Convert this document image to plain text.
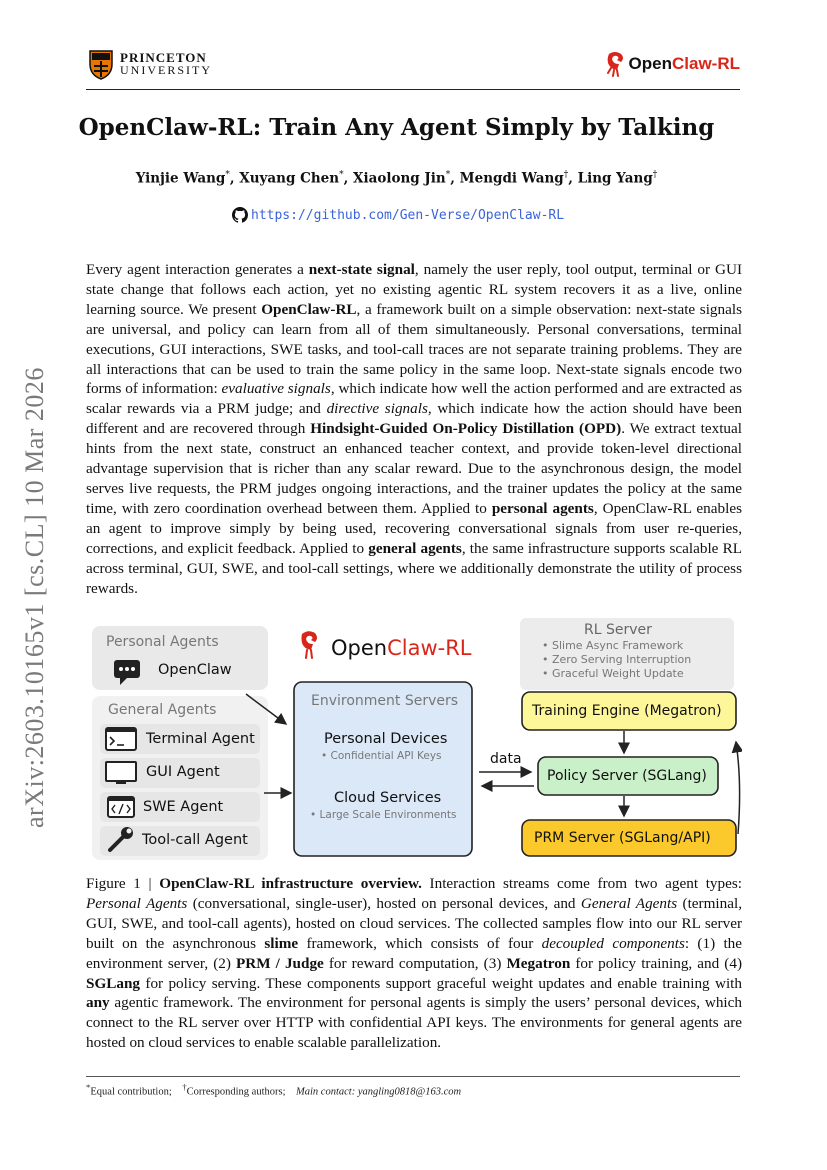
PRINCETON
UNIVERSITY	Open Claw-RL
arXiv:2603.10165v1 [cs.CL] 10 Mar 2026
OpenClaw-RL: Train Any Agent Simply by Talking
Yinjie Wang*, Xuyang Chen*, Xiaolong Jin*, Mengdi Wang†, Ling Yang†
https://github.com/Gen-Verse/OpenClaw-RL
Every agent interaction generates a next-state signal, namely the user reply, tool output, terminal or GUI state change that follows each action, yet no existing agentic RL system recovers it as a live, online learning source. We present OpenClaw-RL, a framework built on a simple observation: next-state signals are universal, and policy can learn from all of them simultaneously. Personal conversations, terminal executions, GUI interactions, SWE tasks, and tool-call traces are not separate training problems. They are all interactions that can be used to train the same policy in the same loop. Next-state signals encode two forms of information: evaluative signals, which indicate how well the action performed and are extracted as scalar rewards via a PRM judge; and directive signals, which indicate how the action should have been different and are recovered through Hindsight-Guided On-Policy Distillation (OPD). We extract textual hints from the next state, construct an enhanced teacher context, and provide token-level directional advantage supervision that is richer than any scalar reward. Due to the asynchronous design, the model serves live requests, the PRM judges ongoing interactions, and the trainer updates the policy at the same time, with zero coordination overhead between them. Applied to personal agents, OpenClaw-RL enables an agent to improve simply by being used, recovering conversational signals from user re-queries, corrections, and explicit feedback. Applied to general agents, the same infrastructure supports scalable RL across terminal, GUI, SWE, and tool-call settings, where we additionally demonstrate the utility of process rewards.
Personal Agents
OpenClaw
General Agents
Terminal Agent
GUI Agent
SWE Agent
Tool-call Agent
OpenClaw-RL
Environment Servers
Personal Devices
• Confidential API Keys
Cloud Services
• Large Scale Environments
data
RL Server
• Slime Async Framework
• Zero Serving Interruption
• Graceful Weight Update
Training Engine (Megatron)
Policy Server (SGLang)
PRM Server (SGLang/API)
Figure 1 | OpenClaw-RL infrastructure overview. Interaction streams come from two agent types: Personal Agents (conversational, single-user), hosted on personal devices, and General Agents (terminal, GUI, SWE, and tool-call agents), hosted on cloud services. The collected samples flow into our RL server built on the asynchronous slime framework, which consists of four decoupled components: (1) the environment server, (2) PRM / Judge for reward computation, (3) Megatron for policy training, and (4) SGLang for policy serving. These components support graceful weight updates and enable training with any agentic framework. The environment for personal agents is simply the users’ personal devices, which connect to the RL server over HTTP with confidential API keys. The environments for general agents are hosted on cloud services to enable scalable parallelization.
*Equal contribution; †Corresponding authors; Main contact: yangling0818@163.com
